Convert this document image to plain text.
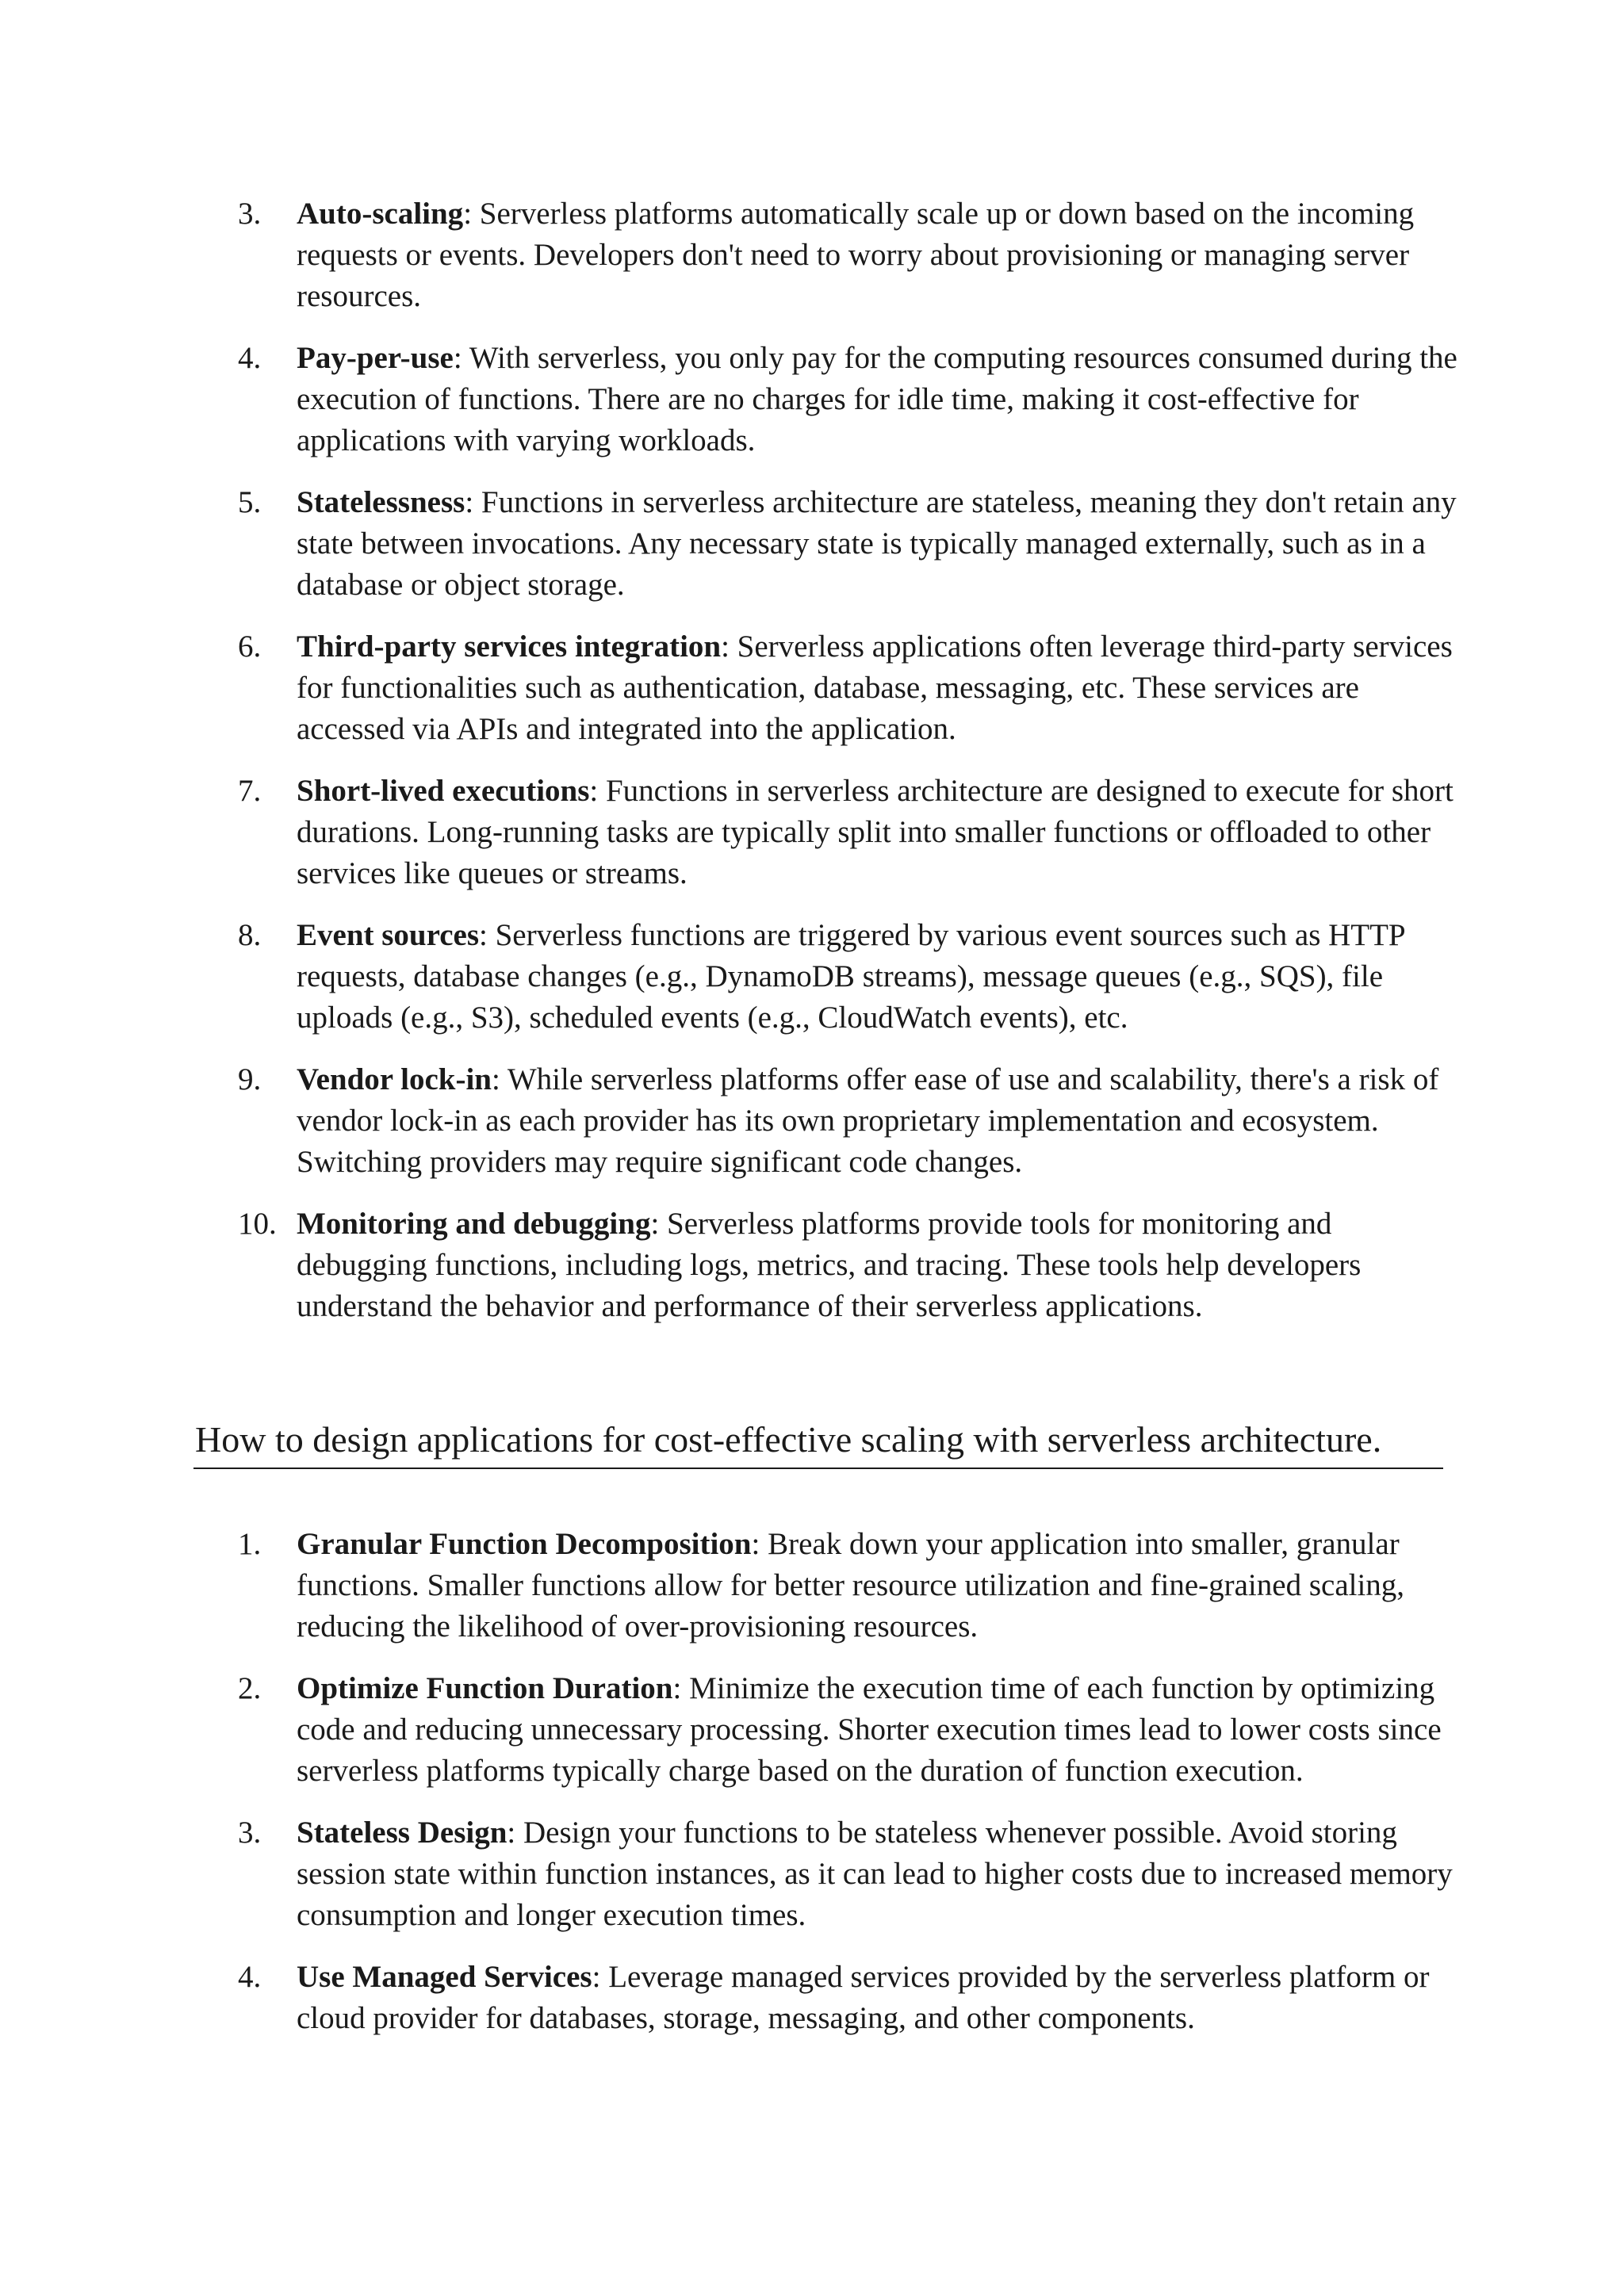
3.	Auto-scaling: Serverless platforms automatically scale up or down based on the incoming requests or events. Developers don't need to worry about provisioning or managing server resources.
4.	Pay-per-use: With serverless, you only pay for the computing resources consumed during the execution of functions. There are no charges for idle time, making it cost-effective for applications with varying workloads.
5.	Statelessness: Functions in serverless architecture are stateless, meaning they don't retain any state between invocations. Any necessary state is typically managed externally, such as in a database or object storage.
6.	Third-party services integration: Serverless applications often leverage third-party services for functionalities such as authentication, database, messaging, etc. These services are accessed via APIs and integrated into the application.
7.	Short-lived executions: Functions in serverless architecture are designed to execute for short durations. Long-running tasks are typically split into smaller functions or offloaded to other services like queues or streams.
8.	Event sources: Serverless functions are triggered by various event sources such as HTTP requests, database changes (e.g., DynamoDB streams), message queues (e.g., SQS), file uploads (e.g., S3), scheduled events (e.g., CloudWatch events), etc.
9.	Vendor lock-in: While serverless platforms offer ease of use and scalability, there's a risk of vendor lock-in as each provider has its own proprietary implementation and ecosystem. Switching providers may require significant code changes.
10. Monitoring and debugging: Serverless platforms provide tools for monitoring and debugging functions, including logs, metrics, and tracing. These tools help developers understand the behavior and performance of their serverless applications.
How to design applications for cost-effective scaling with serverless architecture.
1.	Granular Function Decomposition: Break down your application into smaller, granular functions. Smaller functions allow for better resource utilization and fine-grained scaling, reducing the likelihood of over-provisioning resources.
2.	Optimize Function Duration: Minimize the execution time of each function by optimizing code and reducing unnecessary processing. Shorter execution times lead to lower costs since serverless platforms typically charge based on the duration of function execution.
3.	Stateless Design: Design your functions to be stateless whenever possible. Avoid storing session state within function instances, as it can lead to higher costs due to increased memory consumption and longer execution times.
4.	Use Managed Services: Leverage managed services provided by the serverless platform or cloud provider for databases, storage, messaging, and other components.
